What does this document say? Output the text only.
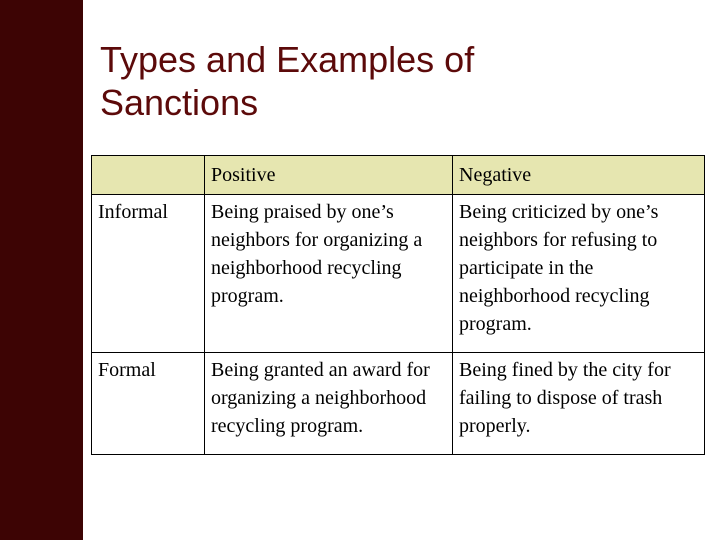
Types and Examples of
Sanctions
	Positive	Negative
Informal	Being praised by one’s neighbors for organizing a neighborhood recycling program.	Being criticized by one’s neighbors for refusing to participate in the neighborhood recycling program.
Formal	Being granted an award for organizing a neighborhood recycling program.	Being fined by the city for failing to dispose of trash properly.
